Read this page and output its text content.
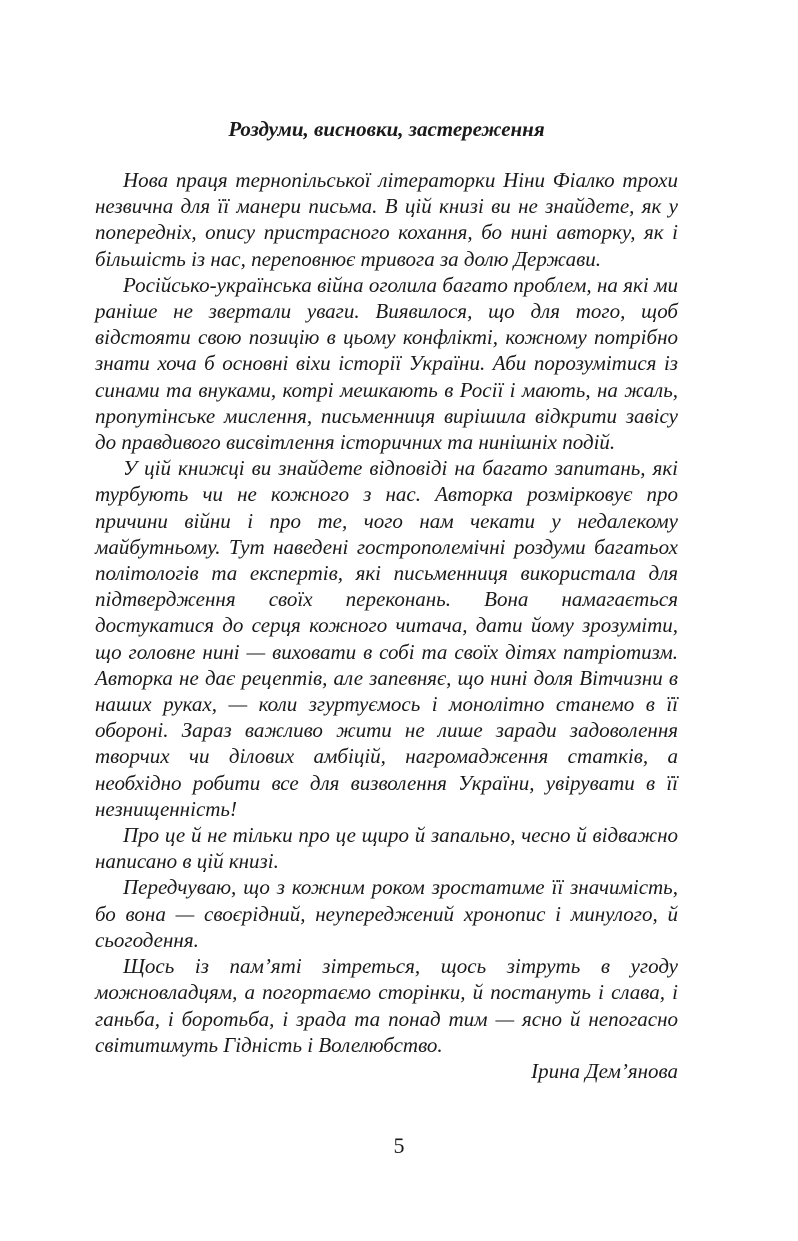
Роздуми, висновки, застереження

Нова праця тернопільської літераторки Ніни Фіалко трохи незвична для її манери письма. В цій книзі ви не знайдете, як у попередніх, опису пристрасного кохання, бо нині авторку, як і більшість із нас, переповнює тривога за долю Держави.

Російсько-українська війна оголила багато проблем, на які ми раніше не звертали уваги. Виявилося, що для того, щоб відстояти свою позицію в цьому конфлікті, кожному потрібно знати хоча б основні віхи історії України. Аби порозумітися із синами та внуками, котрі мешкають в Росії і мають, на жаль, пропутінське мислення, письменниця вирішила відкрити завісу до правдивого висвітлення історичних та нинішніх подій.

У цій книжці ви знайдете відповіді на багато запитань, які турбують чи не кожного з нас. Авторка розмірковує про причини війни і про те, чого нам чекати у недалекому майбутньому. Тут наведені гострополемічні роздуми багатьох політологів та експертів, які письменниця використала для підтвердження своїх переконань. Вона намагається достукатися до серця кожного читача, дати йому зрозуміти, що головне нині — виховати в собі та своїх дітях патріотизм. Авторка не дає рецептів, але запевняє, що нині доля Вітчизни в наших руках, — коли згуртуємось і монолітно станемо в її обороні. Зараз важливо жити не лише заради задоволення творчих чи ділових амбіцій, нагромадження статків, а необхідно робити все для визволення України, увірувати в її незнищенність!

Про це й не тільки про це щиро й запально, чесно й відважно написано в цій книзі.

Передчуваю, що з кожним роком зростатиме її значимість, бо вона — своєрідний, неупереджений хронопис і минулого, й сьогодення.

Щось із пам’яті зітреться, щось зітруть в угоду можновладцям, а погортаємо сторінки, й постануть і слава, і ганьба, і боротьба, і зрада та понад тим — ясно й непогасно світитимуть Гідність і Волелюбство.

Ірина Дем’янова

5
